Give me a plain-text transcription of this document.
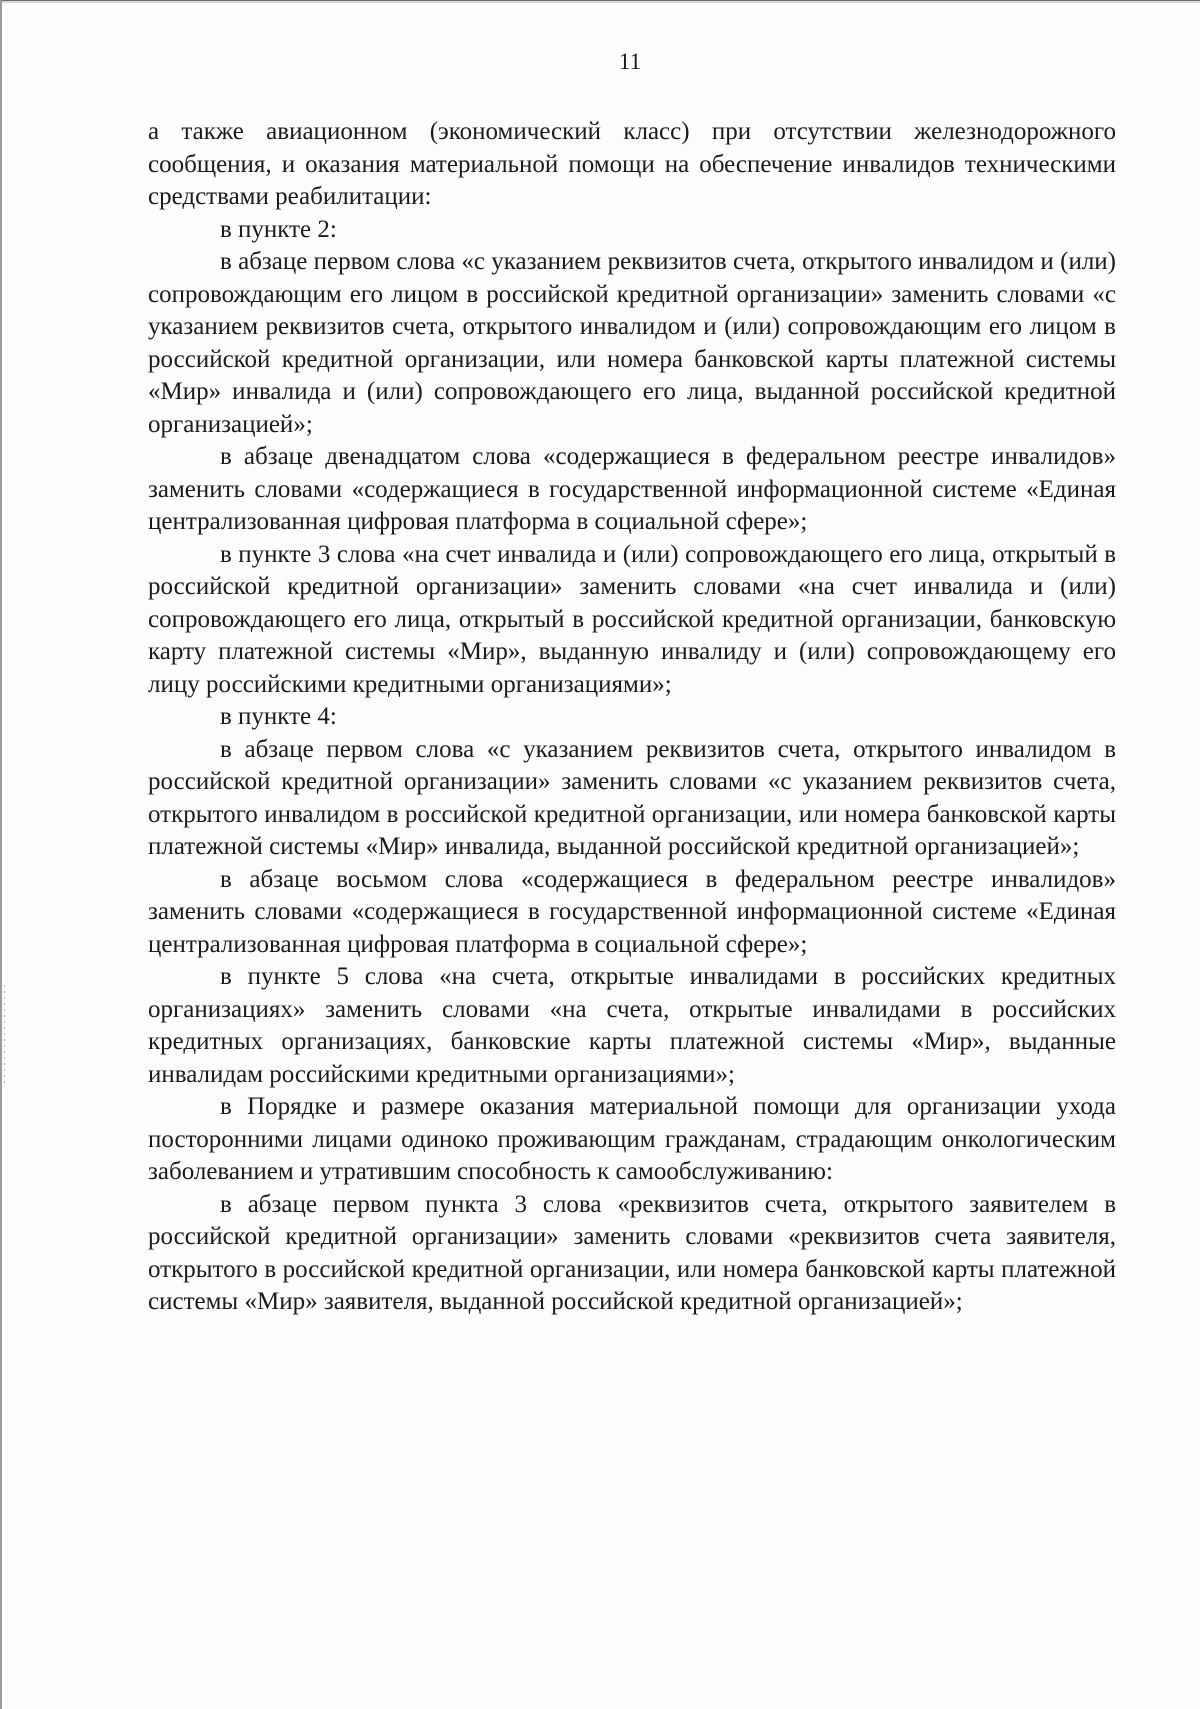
11

а также авиационном (экономический класс) при отсутствии железнодорожного сообщения, и оказания материальной помощи на обеспечение инвалидов техническими средствами реабилитации:

в пункте 2:

в абзаце первом слова «с указанием реквизитов счета, открытого инвалидом и (или) сопровождающим его лицом в российской кредитной организации» заменить словами «с указанием реквизитов счета, открытого инвалидом и (или) сопровождающим его лицом в российской кредитной организации, или номера банковской карты платежной системы «Мир» инвалида и (или) сопровождающего его лица, выданной российской кредитной организацией»;

в абзаце двенадцатом слова «содержащиеся в федеральном реестре инвалидов» заменить словами «содержащиеся в государственной информационной системе «Единая централизованная цифровая платформа в социальной сфере»;

в пункте 3 слова «на счет инвалида и (или) сопровождающего его лица, открытый в российской кредитной организации» заменить словами «на счет инвалида и (или) сопровождающего его лица, открытый в российской кредитной организации, банковскую карту платежной системы «Мир», выданную инвалиду и (или) сопровождающему его лицу российскими кредитными организациями»;

в пункте 4:

в абзаце первом слова «с указанием реквизитов счета, открытого инвалидом в российской кредитной организации» заменить словами «с указанием реквизитов счета, открытого инвалидом в российской кредитной организации, или номера банковской карты платежной системы «Мир» инвалида, выданной российской кредитной организацией»;

в абзаце восьмом слова «содержащиеся в федеральном реестре инвалидов» заменить словами «содержащиеся в государственной информационной системе «Единая централизованная цифровая платформа в социальной сфере»;

в пункте 5 слова «на счета, открытые инвалидами в российских кредитных организациях» заменить словами «на счета, открытые инвалидами в российских кредитных организациях, банковские карты платежной системы «Мир», выданные инвалидам российскими кредитными организациями»;

в Порядке и размере оказания материальной помощи для организации ухода посторонними лицами одиноко проживающим гражданам, страдающим онкологическим заболеванием и утратившим способность к самообслуживанию:

в абзаце первом пункта 3 слова «реквизитов счета, открытого заявителем в российской кредитной организации» заменить словами «реквизитов счета заявителя, открытого в российской кредитной организации, или номера банковской карты платежной системы «Мир» заявителя, выданной российской кредитной организацией»;
